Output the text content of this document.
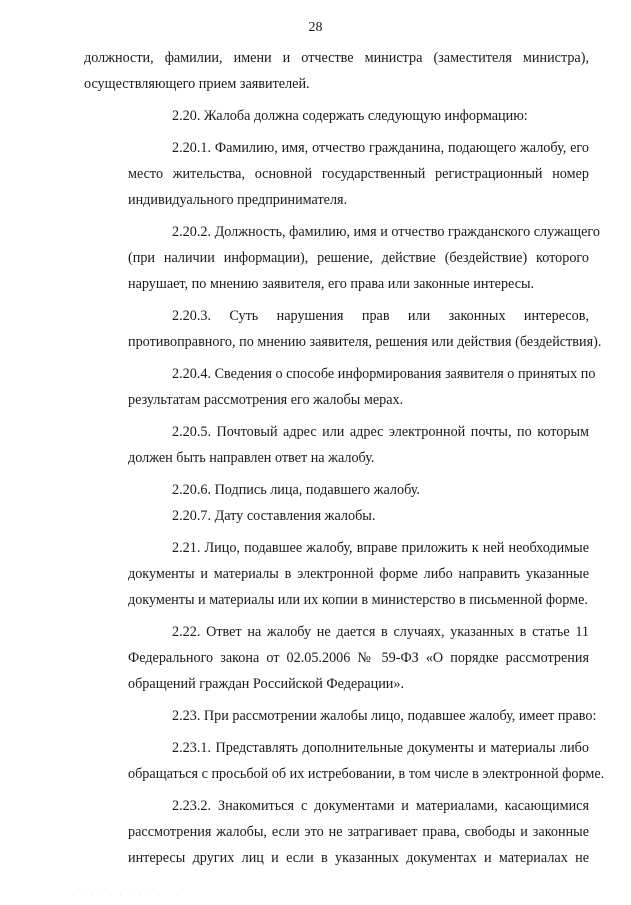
28
должности, фамилии, имени и отчестве министра (заместителя министра),
осуществляющего прием заявителей.
2.20. Жалоба должна содержать следующую информацию:
2.20.1. Фамилию, имя, отчество гражданина, подающего жалобу, его
место жительства, основной государственный регистрационный номер
индивидуального предпринимателя.
2.20.2. Должность, фамилию, имя и отчество гражданского служащего
(при наличии информации), решение, действие (бездействие) которого
нарушает, по мнению заявителя, его права или законные интересы.
2.20.3. Суть нарушения прав или законных интересов,
противоправного, по мнению заявителя, решения или действия (бездействия).
2.20.4. Сведения о способе информирования заявителя о принятых по
результатам рассмотрения его жалобы мерах.
2.20.5. Почтовый адрес или адрес электронной почты, по которым
должен быть направлен ответ на жалобу.
2.20.6. Подпись лица, подавшего жалобу.
2.20.7. Дату составления жалобы.
2.21. Лицо, подавшее жалобу, вправе приложить к ней необходимые
документы и материалы в электронной форме либо направить указанные
документы и материалы или их копии в министерство в письменной форме.
2.22. Ответ на жалобу не дается в случаях, указанных в статье 11
Федерального закона от 02.05.2006 № 59-ФЗ «О порядке рассмотрения
обращений граждан Российской Федерации».
2.23. При рассмотрении жалобы лицо, подавшее жалобу, имеет право:
2.23.1. Представлять дополнительные документы и материалы либо
обращаться с просьбой об их истребовании, в том числе в электронной форме.
2.23.2. Знакомиться с документами и материалами, касающимися
рассмотрения жалобы, если это не затрагивает права, свободы и законные
интересы других лиц и если в указанных документах и материалах не
· · · · · · · · · · · ·
